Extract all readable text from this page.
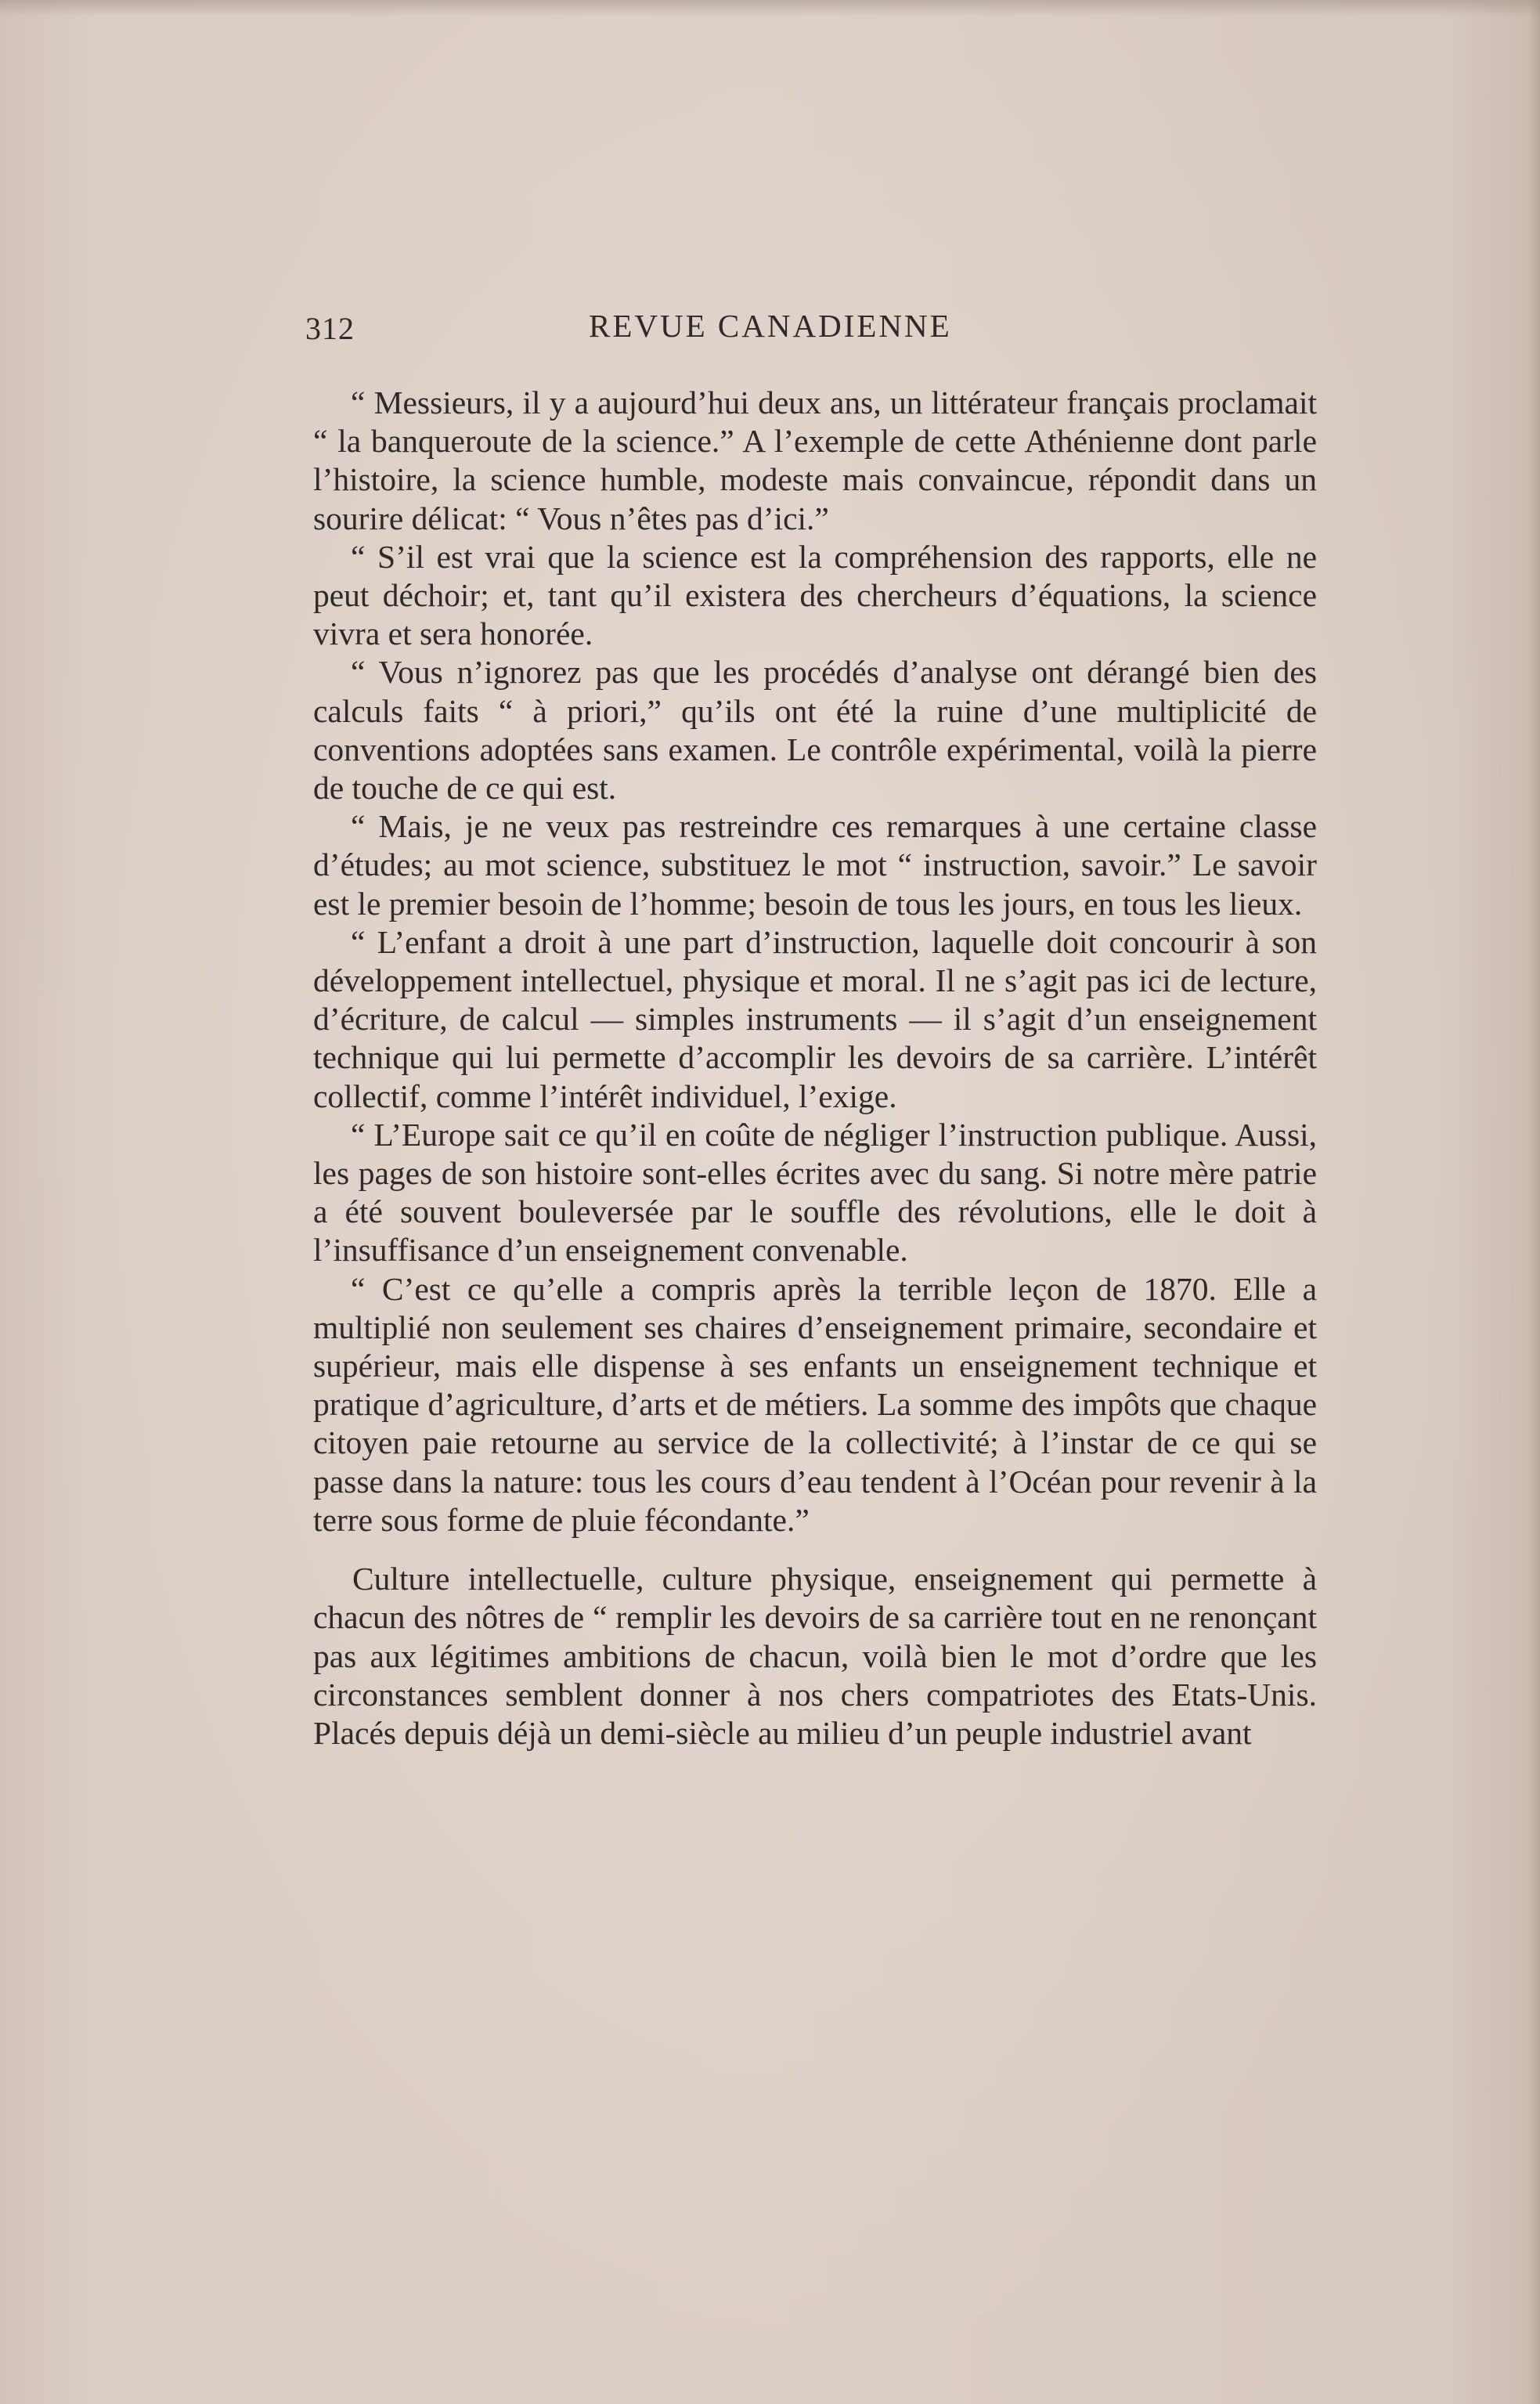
312	REVUE CANADIENNE

“ Messieurs, il y a aujourd’hui deux ans, un littérateur français proclamait “ la banqueroute de la science.” A l’exemple de cette Athénienne dont parle l’histoire, la science humble, modeste mais convaincue, répondit dans un sourire délicat: “ Vous n’êtes pas d’ici.”

“ S’il est vrai que la science est la compréhension des rapports, elle ne peut déchoir; et, tant qu’il existera des chercheurs d’équations, la science vivra et sera honorée.

“ Vous n’ignorez pas que les procédés d’analyse ont dérangé bien des calculs faits “ à priori,” qu’ils ont été la ruine d’une multiplicité de conventions adoptées sans examen. Le contrôle expérimental, voilà la pierre de touche de ce qui est.

“ Mais, je ne veux pas restreindre ces remarques à une certaine classe d’études; au mot science, substituez le mot “ instruction, savoir.” Le savoir est le premier besoin de l’homme; besoin de tous les jours, en tous les lieux.

“ L’enfant a droit à une part d’instruction, laquelle doit concourir à son développement intellectuel, physique et moral. Il ne s’agit pas ici de lecture, d’écriture, de calcul — simples instruments — il s’agit d’un enseignement technique qui lui permette d’accomplir les devoirs de sa carrière. L’intérêt collectif, comme l’intérêt individuel, l’exige.

“ L’Europe sait ce qu’il en coûte de négliger l’instruction publique. Aussi, les pages de son histoire sont-elles écrites avec du sang. Si notre mère patrie a été souvent bouleversée par le souffle des révolutions, elle le doit à l’insuffisance d’un enseignement convenable.

“ C’est ce qu’elle a compris après la terrible leçon de 1870. Elle a multiplié non seulement ses chaires d’enseignement primaire, secondaire et supérieur, mais elle dispense à ses enfants un enseignement technique et pratique d’agriculture, d’arts et de métiers. La somme des impôts que chaque citoyen paie retourne au service de la collectivité; à l’instar de ce qui se passe dans la nature: tous les cours d’eau tendent à l’Océan pour revenir à la terre sous forme de pluie fécondante.”

Culture intellectuelle, culture physique, enseignement qui permette à chacun des nôtres de “ remplir les devoirs de sa carrière tout en ne renonçant pas aux légitimes ambitions de chacun, voilà bien le mot d’ordre que les circonstances semblent donner à nos chers compatriotes des Etats-Unis. Placés depuis déjà un demi-siècle au milieu d’un peuple industriel avant
